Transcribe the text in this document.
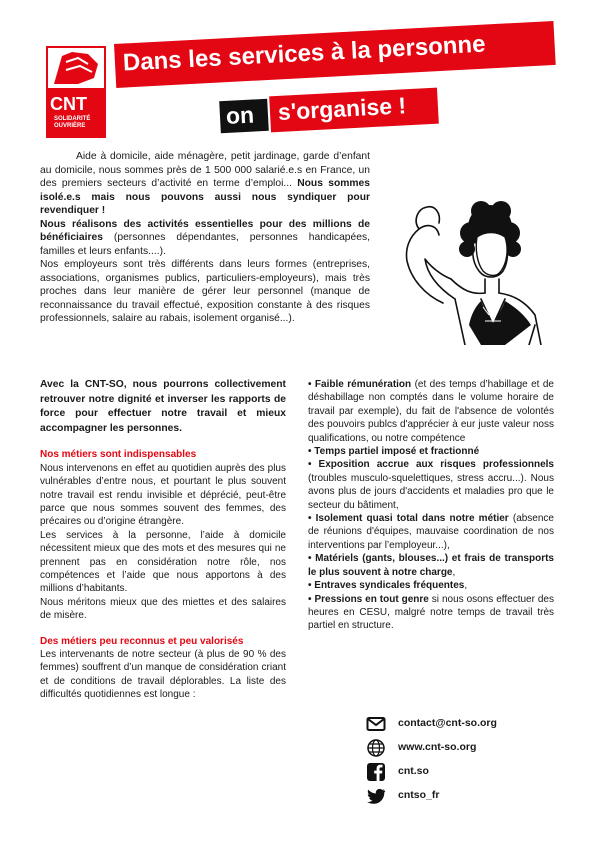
CNT
SOLIDARITÉ OUVRIÈRE
Dans les services à la personne
on s'organise !

Aide à domicile, aide ménagère, petit jardinage, garde d’enfant au domicile, nous sommes près de 1 500 000 salarié.e.s en France, un des premiers secteurs d’activité en terme d’emploi... Nous sommes isolé.e.s mais nous pouvons aussi nous syndiquer pour revendiquer !

Nous réalisons des activités essentielles pour des millions de bénéficiaires (personnes dépendantes, personnes handicapées, familles et leurs enfants....).

Nos employeurs sont très différents dans leurs formes (entreprises, associations, organismes publics, particuliers-employeurs), mais très proches dans leur manière de gérer leur personnel (manque de reconnaissance du travail effectué, exposition constante à des risques professionnels, salaire au rabais, isolement organisé...).

Avec la CNT-SO, nous pourrons collectivement retrouver notre dignité et inverser les rapports de force pour effectuer notre travail et mieux accompagner les personnes.

Nos métiers sont indispensables

Nous intervenons en effet au quotidien auprès des plus vulnérables d’entre nous, et pourtant le plus souvent notre travail est rendu invisible et déprécié, peut-être parce que nous sommes souvent des femmes, des précaires ou d’origine étrangère.

Les services à la personne, l’aide à domicile nécessitent mieux que des mots et des mesures qui ne prennent pas en considération notre rôle, nos compétences et l’aide que nous apportons à des millions d’habitants.

Nous méritons mieux que des miettes et des salaires de misère.

Des métiers peu reconnus et peu valorisés

Les intervenants de notre secteur (à plus de 90 % des femmes) souffrent d’un manque de considération criant et de conditions de travail déplorables. La liste des difficultés quotidiennes est longue :

• Faible rémunération (et des temps d’habillage et de déshabillage non comptés dans le volume horaire de travail par exemple), du fait de l'absence de volontés des pouvoirs publcs d'apprécier à eur juste valeur noss qualifications, ou notre compétence

• Temps partiel imposé et fractionné

• Exposition accrue aux risques professionnels (troubles musculo-squelettiques, stress accru...). Nous avons plus de jours d'accidents et maladies pro que le secteur du bâtiment,

• Isolement quasi total dans notre métier (absence de réunions d'équipes, mauvaise coordination de nos interventions par l’employeur...),

• Matériels (gants, blouses...) et frais de transports le plus souvent à notre charge,

• Entraves syndicales fréquentes,

• Pressions en tout genre si nous osons effectuer des heures en CESU, malgré notre temps de travail très partiel en structure.

contact@cnt-so.org
www.cnt-so.org
cnt.so
cntso_fr
